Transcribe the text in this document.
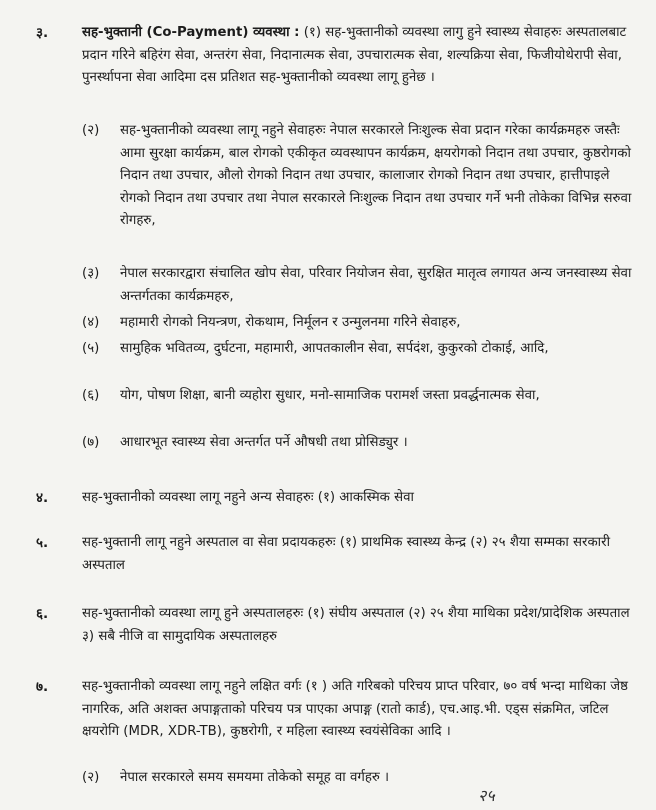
३.	सह-भुक्तानी (Co-Payment) व्यवस्था : (१) सह-भुक्तानीको व्यवस्था लागु हुने स्वास्थ्य सेवाहरुः अस्पतालबाट प्रदान गरिने बहिरंग सेवा, अन्तरंग सेवा, निदानात्मक सेवा, उपचारात्मक सेवा, शल्यक्रिया सेवा, फिजीयोथेरापी सेवा, पुनर्स्थापना सेवा आदिमा दस प्रतिशत सह-भुक्तानीको व्यवस्था लागू हुनेछ ।

(२)	सह-भुक्तानीको व्यवस्था लागू नहुने सेवाहरुः नेपाल सरकारले निःशुल्क सेवा प्रदान गरेका कार्यक्रमहरु जस्तैः आमा सुरक्षा कार्यक्रम, बाल रोगको एकीकृत व्यवस्थापन कार्यक्रम, क्षयरोगको निदान तथा उपचार, कुष्ठरोगको निदान तथा उपचार, औलो रोगको निदान तथा उपचार, कालाजार रोगको निदान तथा उपचार, हात्तीपाइले रोगको निदान तथा उपचार तथा नेपाल सरकारले निःशुल्क निदान तथा उपचार गर्ने भनी तोकेका विभिन्न सरुवा रोगहरु,
(३)	नेपाल सरकारद्वारा संचालित खोप सेवा, परिवार नियोजन सेवा, सुरक्षित मातृत्व लगायत अन्य जनस्वास्थ्य सेवा अन्तर्गतका कार्यक्रमहरु,
(४)	महामारी रोगको नियन्त्रण, रोकथाम, निर्मूलन र उन्मुलनमा गरिने सेवाहरु,
(५)	सामुहिक भवितव्य, दुर्घटना, महामारी, आपतकालीन सेवा, सर्पदंश, कुकुरको टोकाई, आदि,
(६)	योग, पोषण शिक्षा, बानी व्यहोरा सुधार, मनो-सामाजिक परामर्श जस्ता प्रवर्द्धनात्मक सेवा,
(७)	आधारभूत स्वास्थ्य सेवा अन्तर्गत पर्ने औषधी तथा प्रोसिड्युर ।
४.	सह-भुक्तानीको व्यवस्था लागू नहुने अन्य सेवाहरुः (१) आकस्मिक सेवा
५.	सह-भुक्तानी लागू नहुने अस्पताल वा सेवा प्रदायकहरुः (१) प्राथमिक स्वास्थ्य केन्द्र (२) २५ शैया सम्मका सरकारी अस्पताल
६.	सह-भुक्तानीको व्यवस्था लागू हुने अस्पतालहरुः (१) संघीय अस्पताल (२) २५ शैया माथिका प्रदेश/प्रादेशिक अस्पताल ३) सबै नीजि वा सामुदायिक अस्पतालहरु
७.	सह-भुक्तानीको व्यवस्था लागू नहुने लक्षित वर्गः (१ ) अति गरिबको परिचय प्राप्त परिवार, ७० वर्ष भन्दा माथिका जेष्ठ नागरिक, अति अशक्त अपाङ्गताको परिचय पत्र पाएका अपाङ्ग (रातो कार्ड), एच.आइ.भी. एड्स संक्रमित, जटिल क्षयरोगि (MDR, XDR-TB), कुष्ठरोगी, र महिला स्वास्थ्य स्वयंसेविका आदि ।
(२)	नेपाल सरकारले समय समयमा तोकेको समूह वा वर्गहरु ।
२५
